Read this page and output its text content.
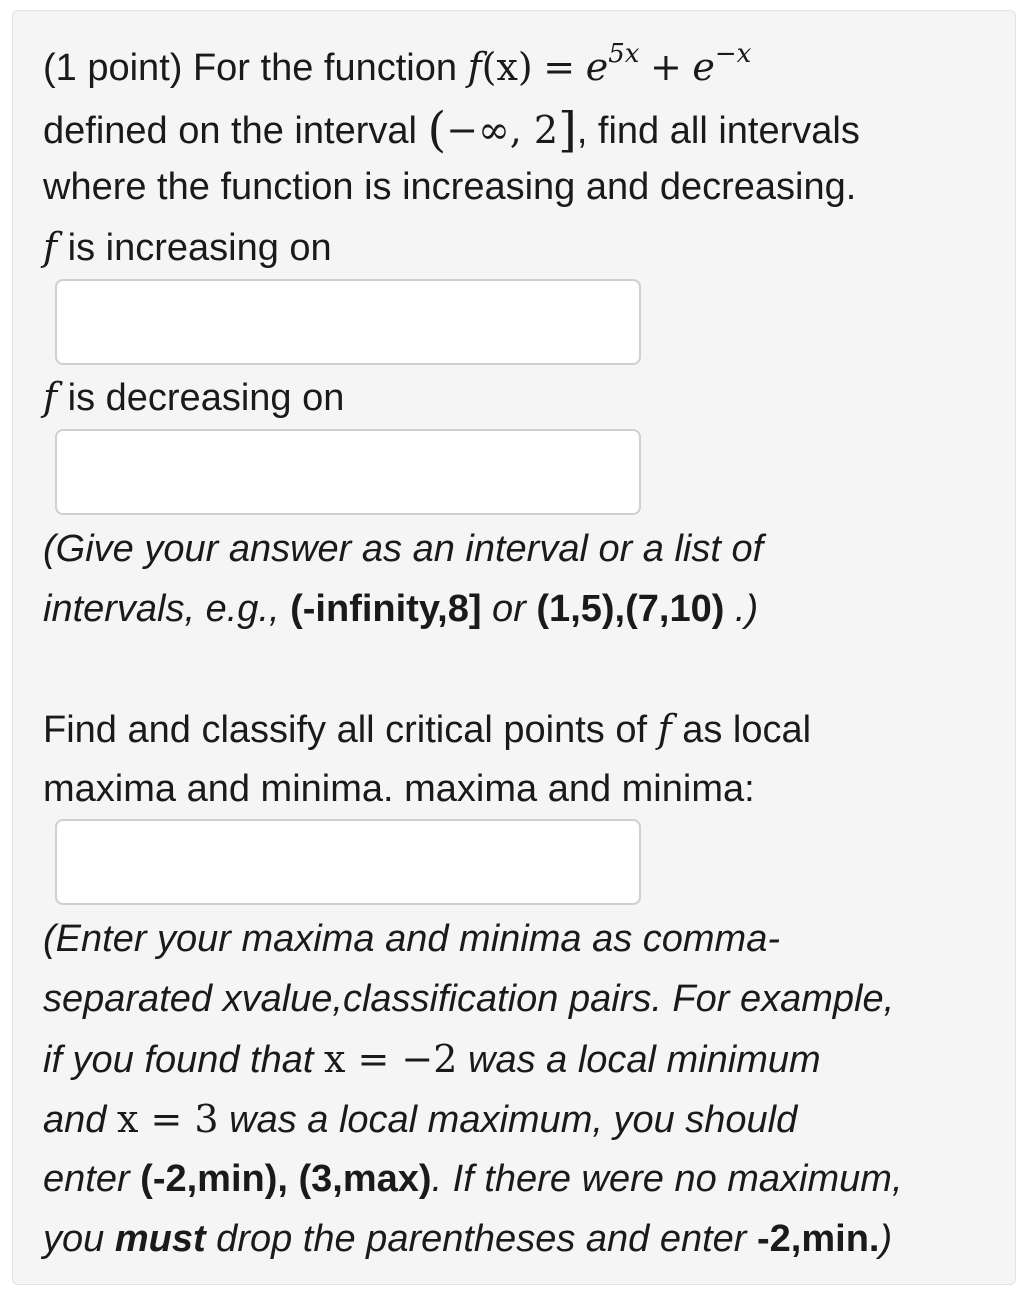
(1 point) For the function $f(x) = e^{5x} + e^{-x}$
defined on the interval (−∞, 2], find all intervals
where the function is increasing and decreasing.
f is increasing on
f is decreasing on
(Give your answer as an interval or a list of
intervals, e.g., (-infinity,8] or (1,5),(7,10) .)
Find and classify all critical points of f as local
maxima and minima. maxima and minima:
(Enter your maxima and minima as comma-
separated xvalue,classification pairs. For example,
if you found that x = −2 was a local minimum
and x = 3 was a local maximum, you should
enter (-2,min), (3,max). If there were no maximum,
you must drop the parentheses and enter -2,min.)
